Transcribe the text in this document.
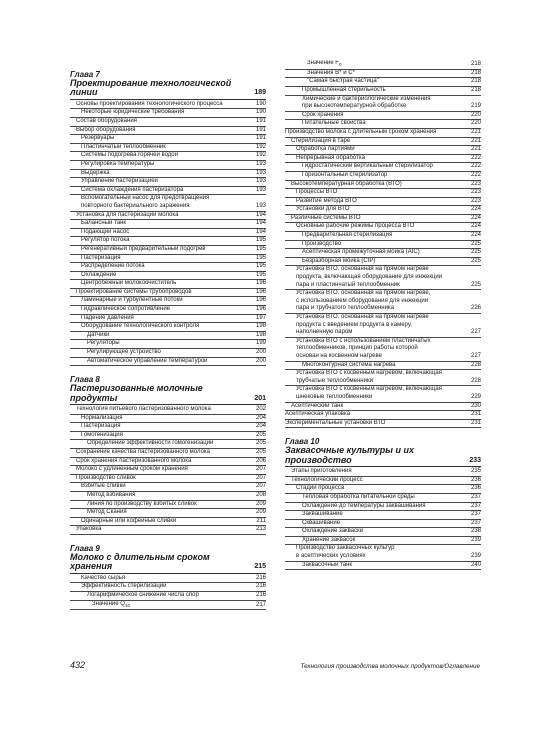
Глава 7
Проектирование технологической
линии	189
Основы проектирования технологического процесса	190
Некоторые юридические требования	190
Состав оборудования	191
Выбор оборудования	191
Резервуары	191
Пластинчатый теплообменник	192
Системы подогрева горячей водой	192
Регулировка температуры	193
Выдержка	193
Управление пастеризацией	193
Система охлаждения пастеризатора	193
Вспомогательный насос для предотвращения
повторного бактериального заражения	193
Установка для пастеризации молока	194
Балансный танк	194
Подающий насос	194
Регулятор потока	195
Регенеративный предварительный подогрев	195
Пастеризация	195
Распределение потока	195
Охлаждение	195
Центробежный молокоочиститель	196
Проектирование системы трубопроводов	196
Ламинарные и турбулентные потоки	196
Гидравлическое сопротивление	196
Падение давления	197
Оборудование технологического контроля	198
Датчики	198
Регуляторы	199
Регулирующее устройство	200
Автоматическое управление температурой	200
Глава 8
Пастеризованные молочные продукты	201
Технология питьевого пастеризованного молока	202
Нормализация	204
Пастеризация	204
Гомогенизация	205
Определение эффективности гомогенизации	205
Сохранение качества пастеризованного молока	205
Срок хранения пастеризованного молока	206
Молоко с удлиненным сроком хранения	207
Производство сливок	207
Взбитые сливки	207
Метод взбивания	208
Линия по производству взбитых сливок	209
Метод Скания	209
Одинарные или кофейные сливки	211
Упаковка	213
Глава 9
Молоко с длительным сроком
хранения	215
Качество сырья	216
Эффективность стерилизации	216
Логарифмическое снижение числа спор	216
Значение $Q_{10}$	217
Значение $F_0$	218
Значения B* и C*	218
"Самая быстрая частица"	218
Промышленная стерильность	218
Химические и бактериологические изменения
при высокотемпературной обработке	219
Срок хранения	220
Питательные свойства	220
Производство молока с длительным сроком хранения	221
Стерилизация в таре	221
Обработка партиями	221
Непрерывная обработка	222
Гидростатический вертикальный стерилизатор	222
Горизонтальный стерилизатор	222
Высокотемпературная обработка (ВТО)	223
Процессы ВТО	223
Развитие метода ВТО	223
Установки для ВТО	224
Различные системы ВТО	224
Основные рабочие режимы процесса ВТО	224
Предварительная стерилизация	224
Производство	225
Асептическая промежуточная мойка (AIC)	225
Безразборная мойка (CIP)	225
Установка ВТО, основанная на прямом нагреве
продукта, включающая оборудование для инжекции
пара и пластинчатый теплообменник	225
Установка ВТО, основанная на прямом нагреве,
с использованием оборудования для инжекции
пара и трубчатого теплообменника	226
Установка ВТО, основанная на прямом нагреве
продукта с введением продукта в камеру,
наполненную паром	227
Установка ВТО с использованием пластинчатых
теплообменников, принцип работы которой
основан на косвенном нагреве	227
Многоконтурная система нагрева	228
Установка ВТО с косвенным нагревом, включающая
трубчатые теплообменники	228
Установка ВТО с косвенным нагревом, включающая
шнековые теплообменники	229
Асептический танк	230
Асептическая упаковка	231
Экспериментальные установки ВТО	231
Глава 10
Заквасочные культуры и их
производство	233
Этапы приготовления	235
Технологический процесс	236
Стадии процесса	236
Тепловая обработка питательной среды	237
Охлаждение до температуры заквашивания	237
Заквашивание	237
Сквашивание	237
Охлаждение закваски	238
Хранение заквасок	239
Производство заквасочных культур
в асептических условиях	239
Заквасочный танк	240
432	Технология производства молочных продуктов/Оглавление
